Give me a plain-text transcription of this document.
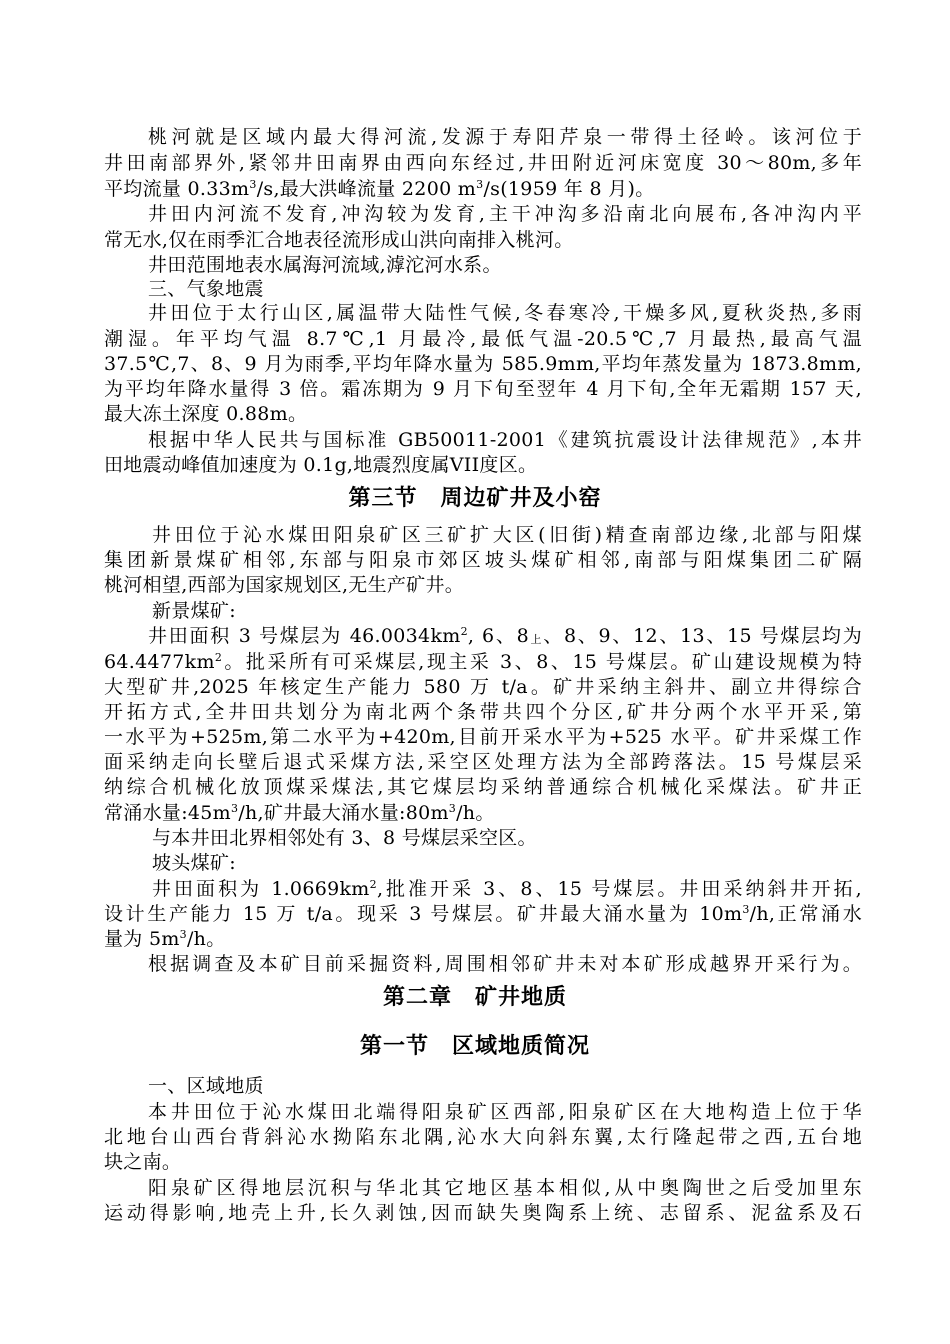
桃河就是区域内最大得河流,发源于寿阳芹泉一带得土径岭。该河位于

井田南部界外,紧邻井田南界由西向东经过,井田附近河床宽度 30～80m,多年

平均流量 $0.33m^3/s$,最大洪峰流量 2200 $m^3/s(1959$ 年 8 月)。

井田内河流不发育,冲沟较为发育,主干冲沟多沿南北向展布,各冲沟内平

常无水,仅在雨季汇合地表径流形成山洪向南排入桃河。

井田范围地表水属海河流域,滹沱河水系。

三、气象地震

井田位于太行山区,属温带大陆性气候,冬春寒冷,干燥多风,夏秋炎热,多雨

潮湿。年平均气温 8.7℃,1 月最冷,最低气温-20.5℃,7 月最热,最高气温

37.5℃,7、8、9 月为雨季,平均年降水量为 585.9mm,平均年蒸发量为 1873.8mm,

为平均年降水量得 3 倍。霜冻期为 9 月下旬至翌年 4 月下旬,全年无霜期 157 天,

最大冻土深度 0.88m。

根据中华人民共与国标准 GB50011-2001《建筑抗震设计法律规范》,本井

田地震动峰值加速度为 0.1g,地震烈度属VII度区。

第三节　周边矿井及小窑

井田位于沁水煤田阳泉矿区三矿扩大区(旧街)精查南部边缘,北部与阳煤

集团新景煤矿相邻,东部与阳泉市郊区坡头煤矿相邻,南部与阳煤集团二矿隔

桃河相望,西部为国家规划区,无生产矿井。

新景煤矿:

井田面积 3 号煤层为 $46.0034km^2$, 6、$8_上$、8、9、12、13、15 号煤层均为

$64.4477km^2$。批采所有可采煤层,现主采 3、8、15 号煤层。矿山建设规模为特

大型矿井,2025 年核定生产能力 580 万 t/a。矿井采纳主斜井、副立井得综合

开拓方式,全井田共划分为南北两个条带共四个分区,矿井分两个水平开采,第

一水平为+525m,第二水平为+420m,目前开采水平为+525 水平。矿井采煤工作

面采纳走向长壁后退式采煤方法,采空区处理方法为全部跨落法。15 号煤层采

纳综合机械化放顶煤采煤法,其它煤层均采纳普通综合机械化采煤法。矿井正

常涌水量$:45m^3/h$,矿井最大涌水量$:80m^3/h$。

与本井田北界相邻处有 3、8 号煤层采空区。

坡头煤矿:

井田面积为 $1.0669km^2$,批准开采 3、8、15 号煤层。井田采纳斜井开拓,

设计生产能力 15 万 t/a。现采 3 号煤层。矿井最大涌水量为 $10m^3/h$,正常涌水

量为 $5m^3/h$。

根据调查及本矿目前采掘资料,周围相邻矿井未对本矿形成越界开采行为。

第二章　矿井地质
第一节　区域地质简况

一、区域地质

本井田位于沁水煤田北端得阳泉矿区西部,阳泉矿区在大地构造上位于华

北地台山西台背斜沁水拗陷东北隅,沁水大向斜东翼,太行隆起带之西,五台地

块之南。

阳泉矿区得地层沉积与华北其它地区基本相似,从中奥陶世之后受加里东

运动得影响,地壳上升,长久剥蚀,因而缺失奥陶系上统、志留系、泥盆系及石
